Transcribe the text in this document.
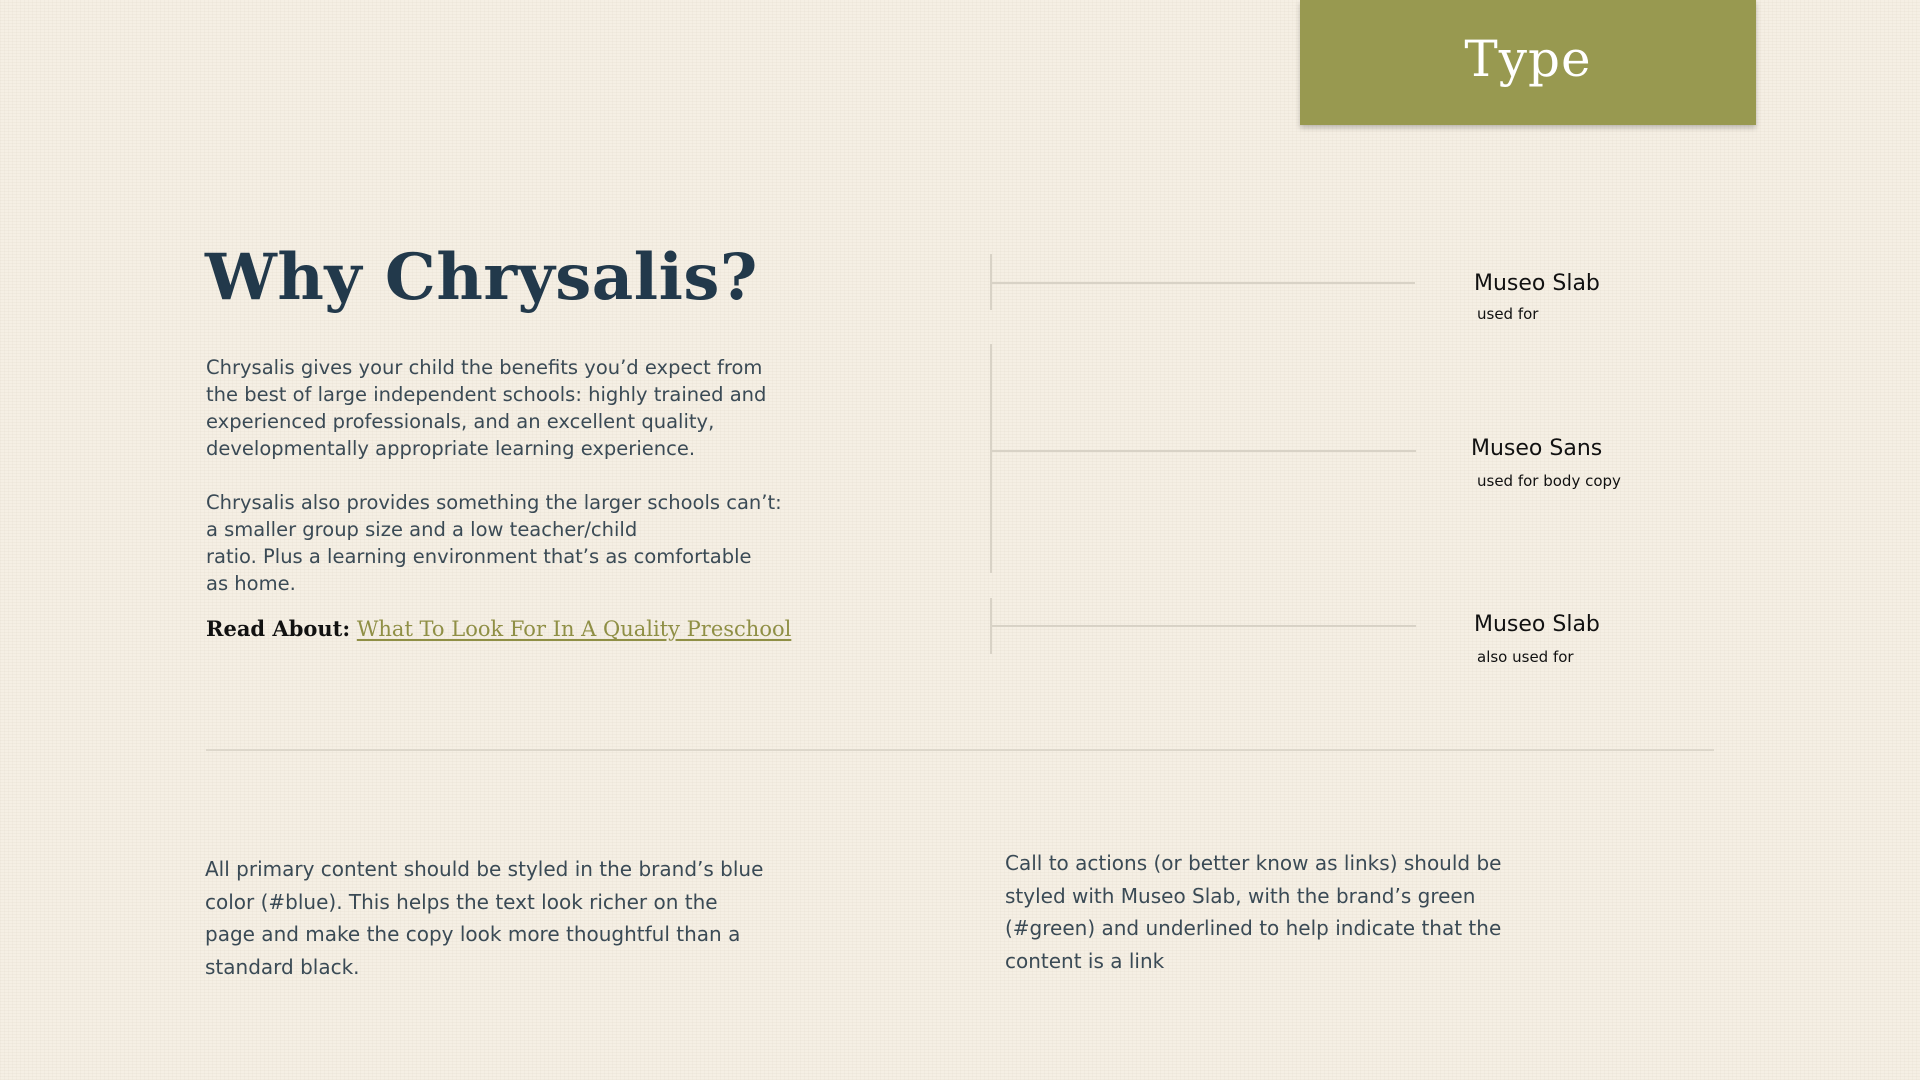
Type
Why Chrysalis?

Chrysalis gives your child the benefits you’d expect from
the best of large independent schools: highly trained and
experienced professionals, and an excellent quality,
developmentally appropriate learning experience.

Chrysalis also provides something the larger schools can’t:
a smaller group size and a low teacher/child
ratio. Plus a learning environment that’s as comfortable
as home.

Read About: What To Look For In A Quality Preschool

Museo Slab

used for

Museo Sans

used for body copy

Museo Slab

also used for

All primary content should be styled in the brand’s blue
color (#blue). This helps the text look richer on the
page and make the copy look more thoughtful than a
standard black.

Call to actions (or better know as links) should be
styled with Museo Slab, with the brand’s green
(#green) and underlined to help indicate that the
content is a link
